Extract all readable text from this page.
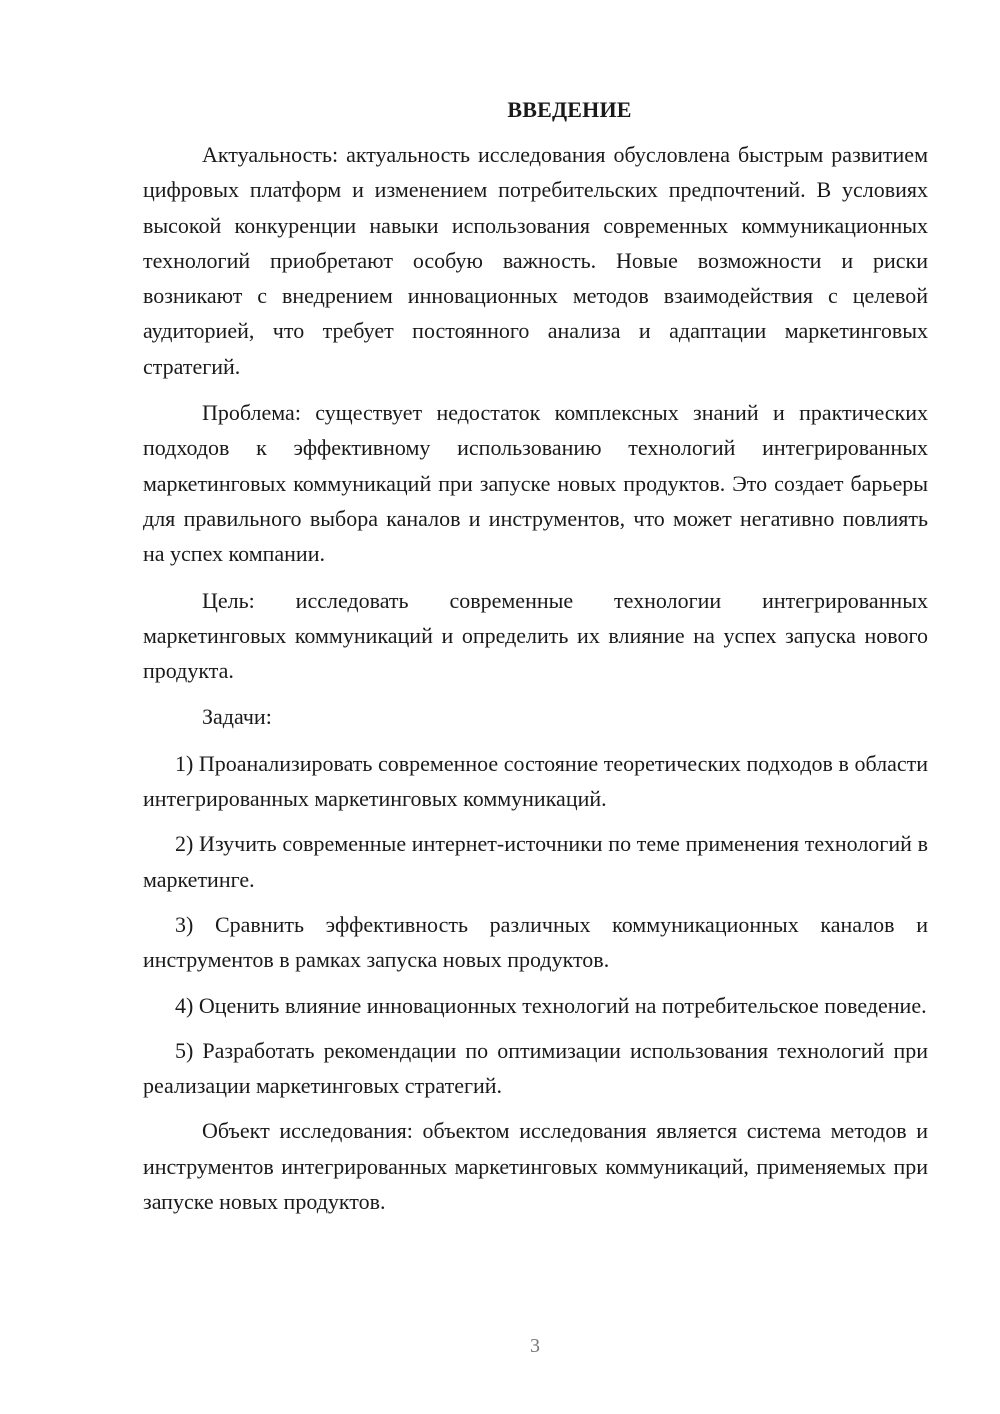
ВВЕДЕНИЕ

Актуальность: актуальность исследования обусловлена быстрым развитием цифровых платформ и изменением потребительских предпочтений. В условиях высокой конкуренции навыки использования современных коммуникационных технологий приобретают особую важность. Новые возможности и риски возникают с внедрением инновационных методов взаимодействия с целевой аудиторией, что требует постоянного анализа и адаптации маркетинговых стратегий.

Проблема: существует недостаток комплексных знаний и практических подходов к эффективному использованию технологий интегрированных маркетинговых коммуникаций при запуске новых продуктов. Это создает барьеры для правильного выбора каналов и инструментов, что может негативно повлиять на успех компании.

Цель: исследовать современные технологии интегрированных маркетинговых коммуникаций и определить их влияние на успех запуска нового продукта.

Задачи:

1) Проанализировать современное состояние теоретических подходов в области интегрированных маркетинговых коммуникаций.

2) Изучить современные интернет-источники по теме применения технологий в маркетинге.

3) Сравнить эффективность различных коммуникационных каналов и инструментов в рамках запуска новых продуктов.

4) Оценить влияние инновационных технологий на потребительское поведение.

5) Разработать рекомендации по оптимизации использования технологий при реализации маркетинговых стратегий.

Объект исследования: объектом исследования является система методов и инструментов интегрированных маркетинговых коммуникаций, применяемых при запуске новых продуктов.

3
